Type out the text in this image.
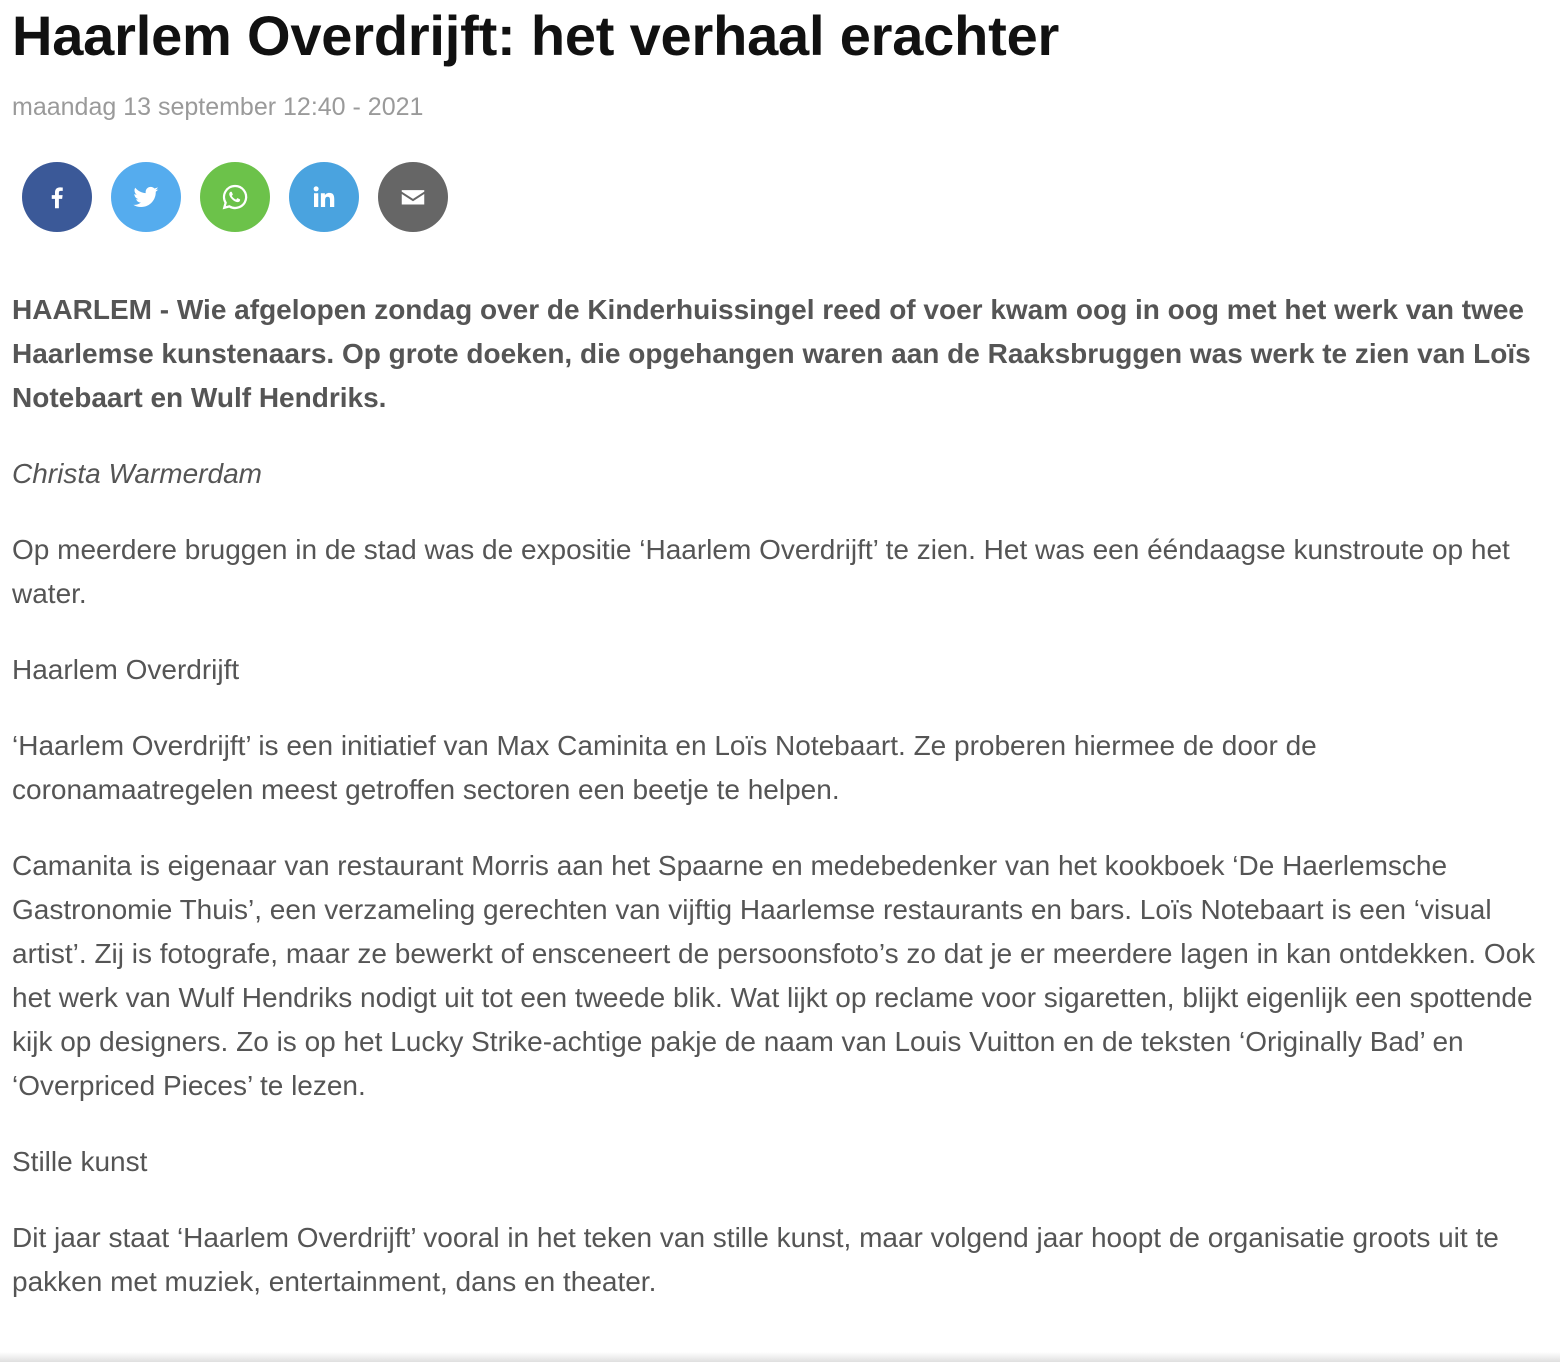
Haarlem Overdrijft: het verhaal erachter
maandag 13 september 12:40 - 2021

HAARLEM - Wie afgelopen zondag over de Kinderhuissingel reed of voer kwam oog in oog met het werk van twee Haarlemse kunstenaars. Op grote doeken, die opgehangen waren aan de Raaksbruggen was werk te zien van Loïs Notebaart en Wulf Hendriks.

Christa Warmerdam

Op meerdere bruggen in de stad was de expositie ‘Haarlem Overdrijft’ te zien. Het was een ééndaagse kunstroute op het water.

Haarlem Overdrijft

‘Haarlem Overdrijft’ is een initiatief van Max Caminita en Loïs Notebaart. Ze proberen hiermee de door de coronamaatregelen meest getroffen sectoren een beetje te helpen.

Camanita is eigenaar van restaurant Morris aan het Spaarne en medebedenker van het kookboek ‘De Haerlemsche Gastronomie Thuis’, een verzameling gerechten van vijftig Haarlemse restaurants en bars. Loïs Notebaart is een ‘visual artist’. Zij is fotografe, maar ze bewerkt of ensceneert de persoonsfoto’s zo dat je er meerdere lagen in kan ontdekken. Ook het werk van Wulf Hendriks nodigt uit tot een tweede blik. Wat lijkt op reclame voor sigaretten, blijkt eigenlijk een spottende kijk op designers. Zo is op het Lucky Strike-achtige pakje de naam van Louis Vuitton en de teksten ‘Originally Bad’ en ‘Overpriced Pieces’ te lezen.

Stille kunst

Dit jaar staat ‘Haarlem Overdrijft’ vooral in het teken van stille kunst, maar volgend jaar hoopt de organisatie groots uit te pakken met muziek, entertainment, dans en theater.
